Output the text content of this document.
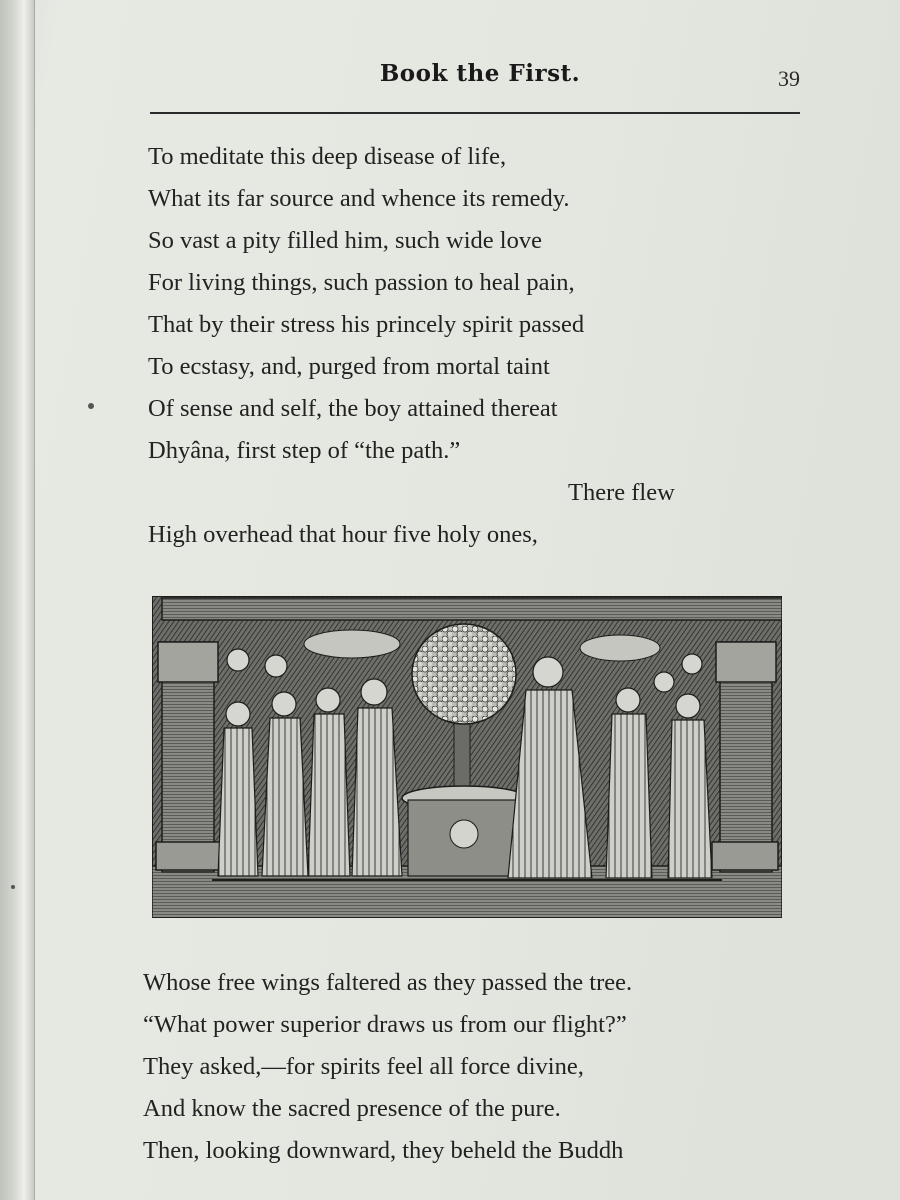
Book the First.	39
To meditate this deep disease of life,
What its far source and whence its remedy.
So vast a pity filled him, such wide love
For living things, such passion to heal pain,
That by their stress his princely spirit passed
To ecstasy, and, purged from mortal taint
Of sense and self, the boy attained thereat
Dhyâna, first step of “the path.”
There flew
High overhead that hour five holy ones,
Whose free wings faltered as they passed the tree.
“What power superior draws us from our flight?”
They asked,—for spirits feel all force divine,
And know the sacred presence of the pure.
Then, looking downward, they beheld the Buddh
